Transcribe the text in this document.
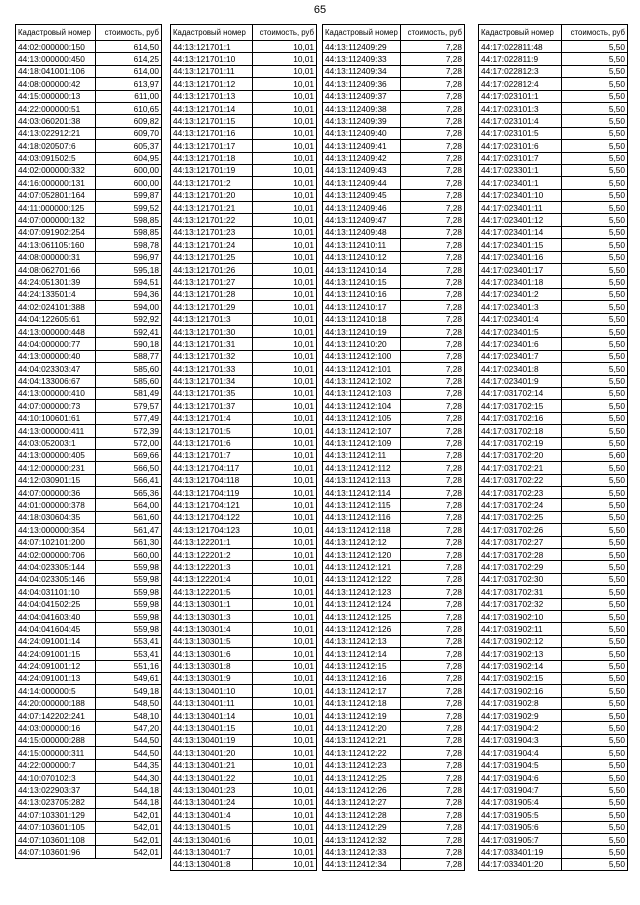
65
Кадастровый номер	стоимость, руб
44:02:000000:150	614,50
44:13:000000:450	614,25
44:18:041001:106	614,00
44:08:000000:42	613,97
44:15:000000:13	611,00
44:22:000000:51	610,65
44:03:060201:38	609,82
44:13:022912:21	609,70
44:18:020507:6	605,37
44:03:091502:5	604,95
44:02:000000:332	600,00
44:16:000000:131	600,00
44:07:052801:164	599,87
44:11:000000:125	599,52
44:07:000000:132	598,85
44:07:091902:254	598,85
44:13:061105:160	598,78
44:08:000000:31	596,97
44:08:062701:66	595,18
44:24:051301:39	594,51
44:24:133501:4	594,36
44:02:024101:388	594,00
44:04:122605:61	592,92
44:13:000000:448	592,41
44:04:000000:77	590,18
44:13:000000:40	588,77
44:04:023303:47	585,60
44:04:133006:67	585,60
44:13:000000:410	581,49
44:07:000000:73	579,57
44:10:100601:61	577,49
44:13:000000:411	572,39
44:03:052003:1	572,00
44:13:000000:405	569,66
44:12:000000:231	566,50
44:12:030901:15	566,41
44:07:000000:36	565,36
44:01:000000:378	564,00
44:18:030604:35	561,60
44:13:000000:354	561,47
44:07:102101:200	561,30
44:02:000000:706	560,00
44:04:023305:144	559,98
44:04:023305:146	559,98
44:04:031101:10	559,98
44:04:041502:25	559,98
44:04:041603:40	559,98
44:04:041604:45	559,98
44:24:091001:14	553,41
44:24:091001:15	553,41
44:24:091001:12	551,16
44:24:091001:13	549,61
44:14:000000:5	549,18
44:20:000000:188	548,50
44:07:142202:241	548,10
44:03:000000:16	547,20
44:15:000000:288	544,50
44:15:000000:311	544,50
44:22:000000:7	544,35
44:10:070102:3	544,30
44:13:022903:37	544,18
44:13:023705:282	544,18
44:07:103301:129	542,01
44:07:103601:105	542,01
44:07:103601:108	542,01
44:07:103601:96	542,01
Кадастровый номер	стоимость, руб
44:13:121701:1	10,01
44:13:121701:10	10,01
44:13:121701:11	10,01
44:13:121701:12	10,01
44:13:121701:13	10,01
44:13:121701:14	10,01
44:13:121701:15	10,01
44:13:121701:16	10,01
44:13:121701:17	10,01
44:13:121701:18	10,01
44:13:121701:19	10,01
44:13:121701:2	10,01
44:13:121701:20	10,01
44:13:121701:21	10,01
44:13:121701:22	10,01
44:13:121701:23	10,01
44:13:121701:24	10,01
44:13:121701:25	10,01
44:13:121701:26	10,01
44:13:121701:27	10,01
44:13:121701:28	10,01
44:13:121701:29	10,01
44:13:121701:3	10,01
44:13:121701:30	10,01
44:13:121701:31	10,01
44:13:121701:32	10,01
44:13:121701:33	10,01
44:13:121701:34	10,01
44:13:121701:35	10,01
44:13:121701:37	10,01
44:13:121701:4	10,01
44:13:121701:5	10,01
44:13:121701:6	10,01
44:13:121701:7	10,01
44:13:121704:117	10,01
44:13:121704:118	10,01
44:13:121704:119	10,01
44:13:121704:121	10,01
44:13:121704:122	10,01
44:13:121704:123	10,01
44:13:122201:1	10,01
44:13:122201:2	10,01
44:13:122201:3	10,01
44:13:122201:4	10,01
44:13:122201:5	10,01
44:13:130301:1	10,01
44:13:130301:3	10,01
44:13:130301:4	10,01
44:13:130301:5	10,01
44:13:130301:6	10,01
44:13:130301:8	10,01
44:13:130301:9	10,01
44:13:130401:10	10,01
44:13:130401:11	10,01
44:13:130401:14	10,01
44:13:130401:15	10,01
44:13:130401:19	10,01
44:13:130401:20	10,01
44:13:130401:21	10,01
44:13:130401:22	10,01
44:13:130401:23	10,01
44:13:130401:24	10,01
44:13:130401:4	10,01
44:13:130401:5	10,01
44:13:130401:6	10,01
44:13:130401:7	10,01
44:13:130401:8	10,01
Кадастровый номер	стоимость, руб
44:13:112409:29	7,28
44:13:112409:33	7,28
44:13:112409:34	7,28
44:13:112409:36	7,28
44:13:112409:37	7,28
44:13:112409:38	7,28
44:13:112409:39	7,28
44:13:112409:40	7,28
44:13:112409:41	7,28
44:13:112409:42	7,28
44:13:112409:43	7,28
44:13:112409:44	7,28
44:13:112409:45	7,28
44:13:112409:46	7,28
44:13:112409:47	7,28
44:13:112409:48	7,28
44:13:112410:11	7,28
44:13:112410:12	7,28
44:13:112410:14	7,28
44:13:112410:15	7,28
44:13:112410:16	7,28
44:13:112410:17	7,28
44:13:112410:18	7,28
44:13:112410:19	7,28
44:13:112410:20	7,28
44:13:112412:100	7,28
44:13:112412:101	7,28
44:13:112412:102	7,28
44:13:112412:103	7,28
44:13:112412:104	7,28
44:13:112412:105	7,28
44:13:112412:107	7,28
44:13:112412:109	7,28
44:13:112412:11	7,28
44:13:112412:112	7,28
44:13:112412:113	7,28
44:13:112412:114	7,28
44:13:112412:115	7,28
44:13:112412:116	7,28
44:13:112412:118	7,28
44:13:112412:12	7,28
44:13:112412:120	7,28
44:13:112412:121	7,28
44:13:112412:122	7,28
44:13:112412:123	7,28
44:13:112412:124	7,28
44:13:112412:125	7,28
44:13:112412:126	7,28
44:13:112412:13	7,28
44:13:112412:14	7,28
44:13:112412:15	7,28
44:13:112412:16	7,28
44:13:112412:17	7,28
44:13:112412:18	7,28
44:13:112412:19	7,28
44:13:112412:20	7,28
44:13:112412:21	7,28
44:13:112412:22	7,28
44:13:112412:23	7,28
44:13:112412:25	7,28
44:13:112412:26	7,28
44:13:112412:27	7,28
44:13:112412:28	7,28
44:13:112412:29	7,28
44:13:112412:32	7,28
44:13:112412:33	7,28
44:13:112412:34	7,28
Кадастровый номер	стоимость, руб
44:17:022811:48	5,50
44:17:022811:9	5,50
44:17:022812:3	5,50
44:17:022812:4	5,50
44:17:023101:1	5,50
44:17:023101:3	5,50
44:17:023101:4	5,50
44:17:023101:5	5,50
44:17:023101:6	5,50
44:17:023101:7	5,50
44:17:023301:1	5,50
44:17:023401:1	5,50
44:17:023401:10	5,50
44:17:023401:11	5,50
44:17:023401:12	5,50
44:17:023401:14	5,50
44:17:023401:15	5,50
44:17:023401:16	5,50
44:17:023401:17	5,50
44:17:023401:18	5,50
44:17:023401:2	5,50
44:17:023401:3	5,50
44:17:023401:4	5,50
44:17:023401:5	5,50
44:17:023401:6	5,50
44:17:023401:7	5,50
44:17:023401:8	5,50
44:17:023401:9	5,50
44:17:031702:14	5,50
44:17:031702:15	5,50
44:17:031702:16	5,50
44:17:031702:18	5,50
44:17:031702:19	5,50
44:17:031702:20	5,60
44:17:031702:21	5,50
44:17:031702:22	5,50
44:17:031702:23	5,50
44:17:031702:24	5,50
44:17:031702:25	5,50
44:17:031702:26	5,50
44:17:031702:27	5,50
44:17:031702:28	5,50
44:17:031702:29	5,50
44:17:031702:30	5,50
44:17:031702:31	5,50
44:17:031702:32	5,50
44:17:031902:10	5,50
44:17:031902:11	5,50
44:17:031902:12	5,50
44:17:031902:13	5,50
44:17:031902:14	5,50
44:17:031902:15	5,50
44:17:031902:16	5,50
44:17:031902:8	5,50
44:17:031902:9	5,50
44:17:031904:2	5,50
44:17:031904:3	5,50
44:17:031904:4	5,50
44:17:031904:5	5,50
44:17:031904:6	5,50
44:17:031904:7	5,50
44:17:031905:4	5,50
44:17:031905:5	5,50
44:17:031905:6	5,50
44:17:031905:7	5,50
44:17:033401:19	5,50
44:17:033401:20	5,50
